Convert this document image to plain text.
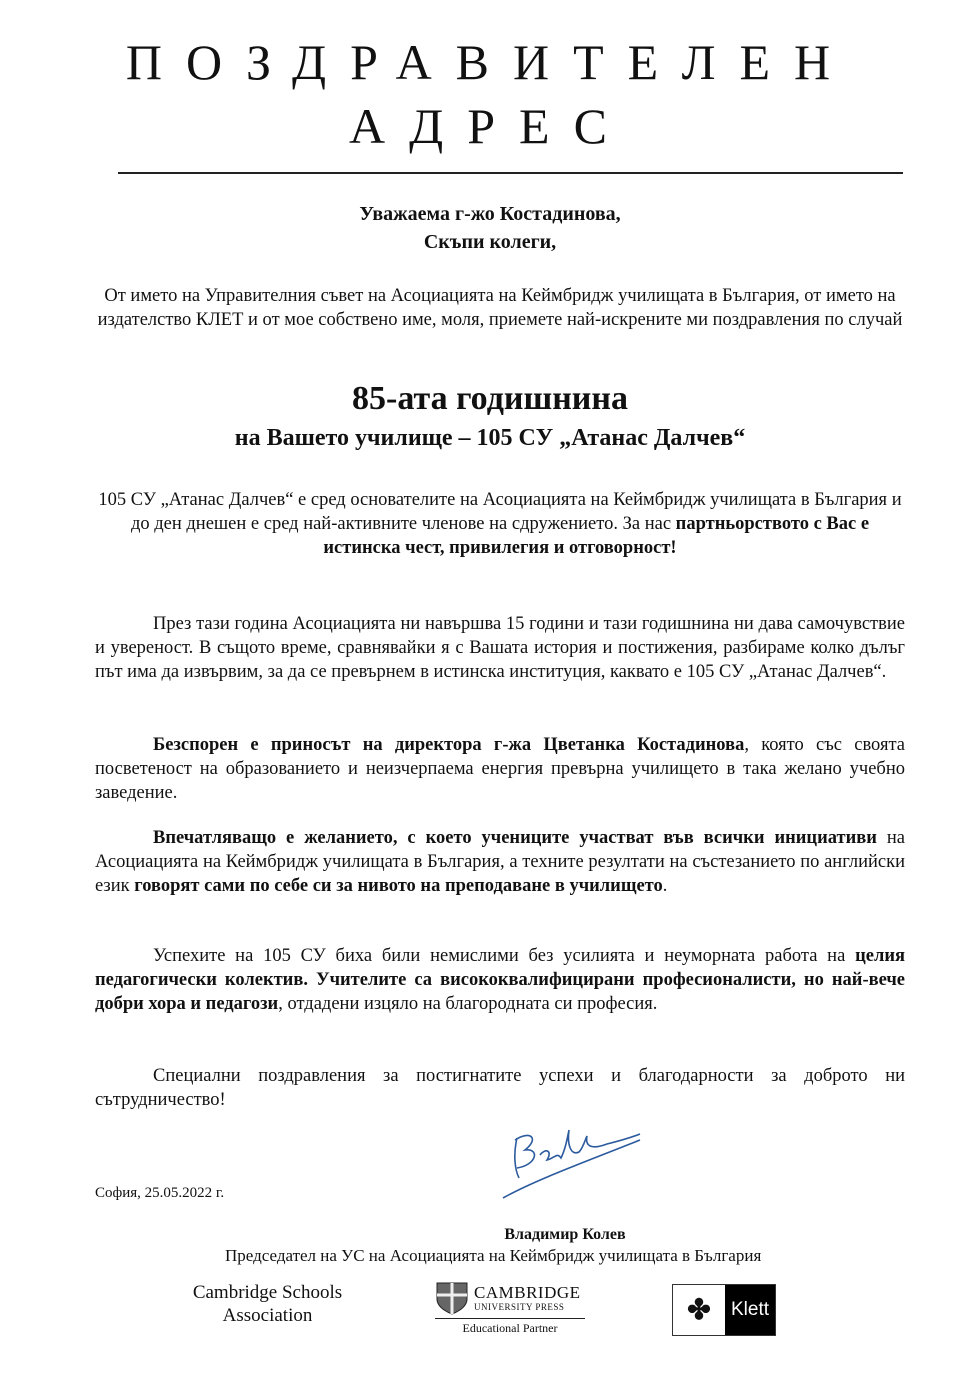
ПОЗДРАВИТЕЛЕН
АДРЕС
Уважаема г-жо Костадинова,
Скъпи колеги,
От името на Управителния съвет на Асоциацията на Кеймбридж училищата в България, от името на издателство КЛЕТ и от мое собствено име, моля, приемете най-искрените ми поздравления по случай
85-ата годишнина
на Вашето училище – 105 СУ „Атанас Далчев“
105 СУ „Атанас Далчев“ е сред основателите на Асоциацията на Кеймбридж училищата в България и до ден днешен е сред най-активните членове на сдружението. За нас партньорството с Вас е истинска чест, привилегия и отговорност!
През тази година Асоциацията ни навършва 15 години и тази годишнина ни дава самочувствие и увереност. В същото време, сравнявайки я с Вашата история и постижения, разбираме колко дълъг път има да извървим, за да се превърнем в истинска институция, каквато е 105 СУ „Атанас Далчев“.
Безспорен е приносът на директора г-жа Цветанка Костадинова, която със своята посветеност на образованието и неизчерпаема енергия превърна училището в така желано учебно заведение.
Впечатляващо е желанието, с което учениците участват във всички инициативи на Асоциацията на Кеймбридж училищата в България, а техните резултати на състезанието по английски език говорят сами по себе си за нивото на преподаване в училището.
Успехите на 105 СУ биха били немислими без усилията и неуморната работа на целия педагогически колектив. Учителите са висококвалифицирани професионалисти, но най-вече добри хора и педагози, отдадени изцяло на благородната си професия.
Специални поздравления за постигнатите успехи и благодарности за доброто ни сътрудничество!
София, 25.05.2022 г.
Владимир Колев
Председател на УС на Асоциацията на Кеймбридж училищата в България
Cambridge Schools
Association
CAMBRIDGE
UNIVERSITY PRESS
Educational Partner
✤	Klett
